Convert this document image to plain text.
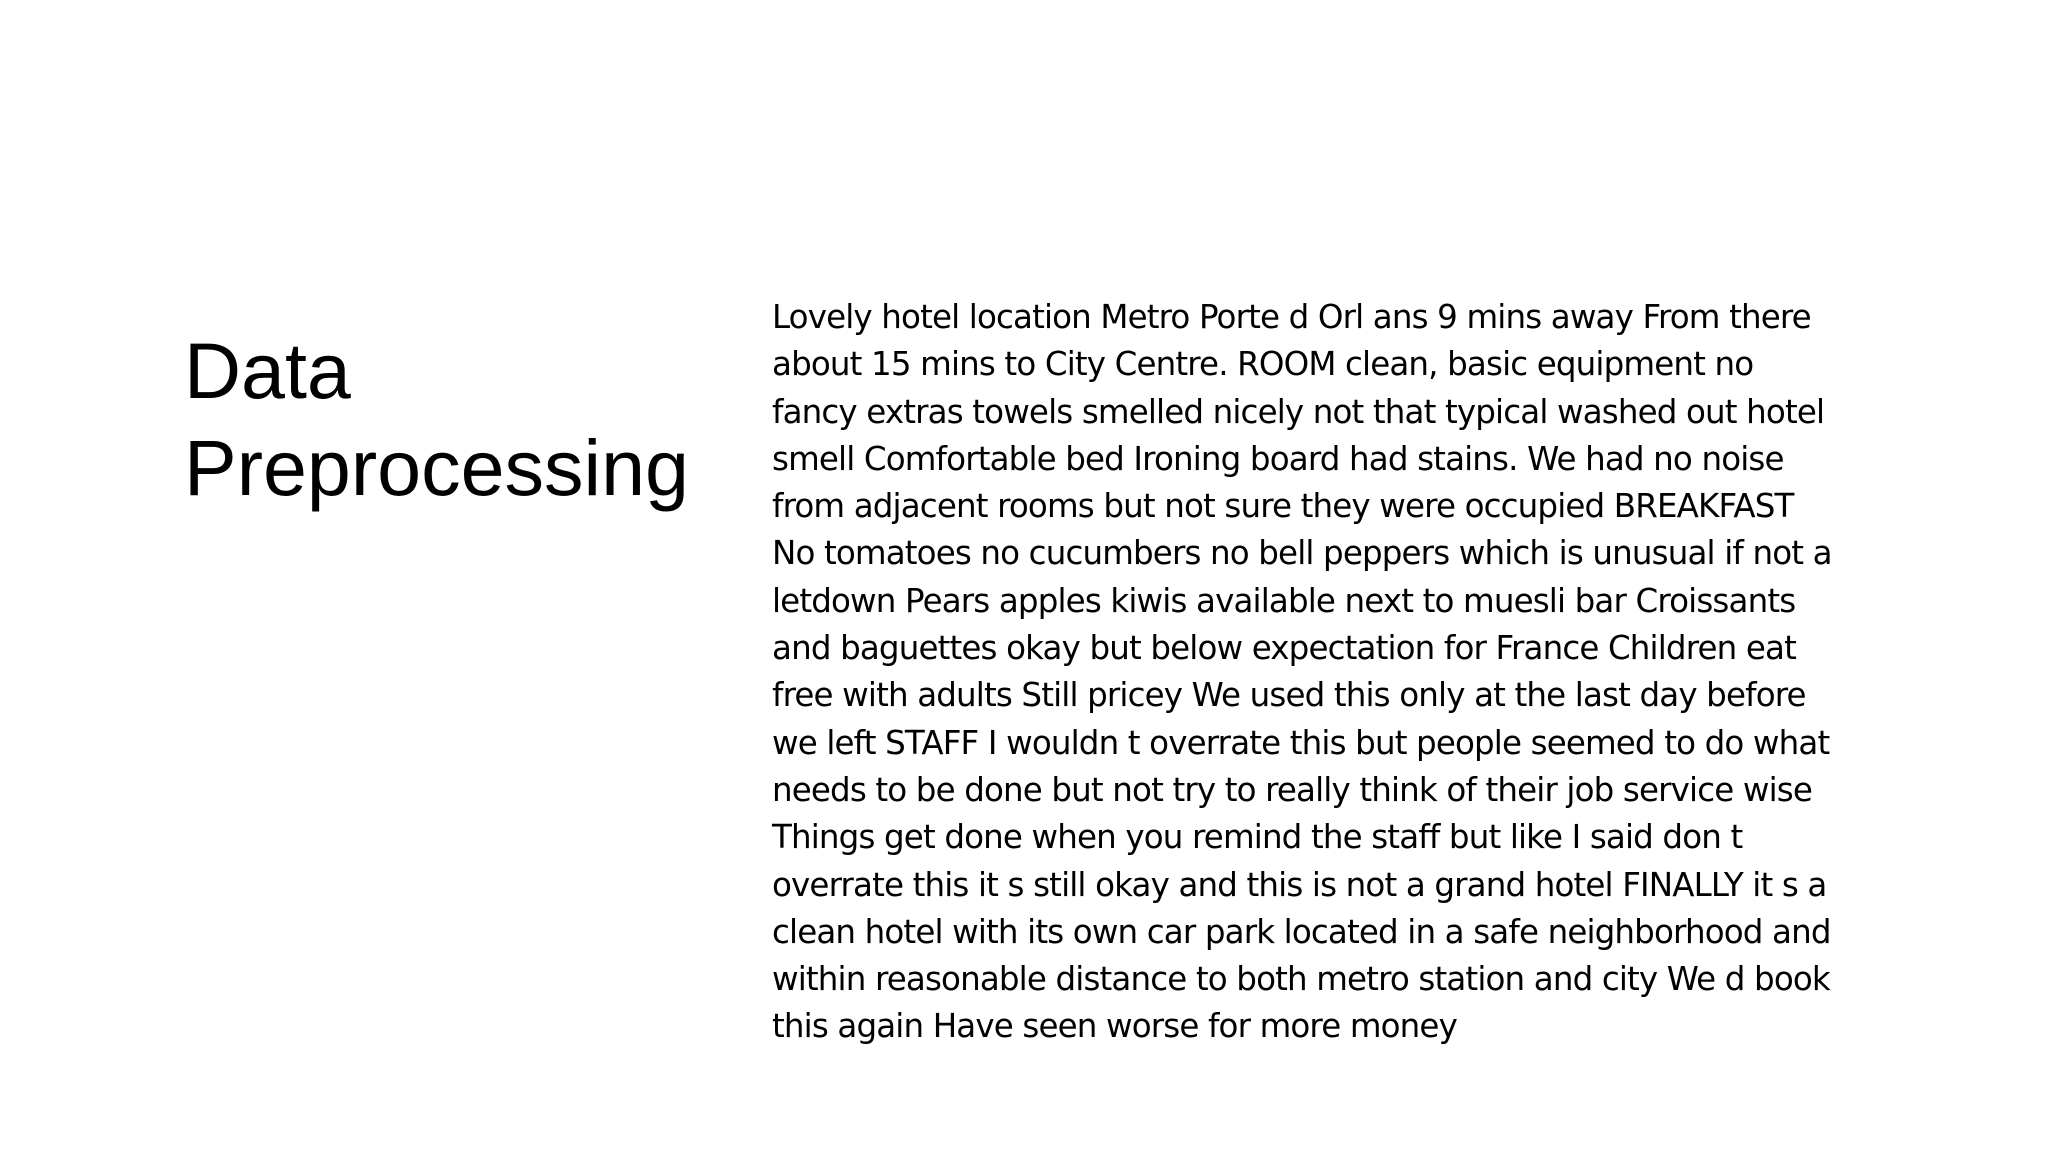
Data
Preprocessing
Lovely hotel location Metro Porte d Orl ans 9 mins away From there
about 15 mins to City Centre. ROOM clean, basic equipment no
fancy extras towels smelled nicely not that typical washed out hotel
smell Comfortable bed Ironing board had stains. We had no noise
from adjacent rooms but not sure they were occupied BREAKFAST
No tomatoes no cucumbers no bell peppers which is unusual if not a
letdown Pears apples kiwis available next to muesli bar Croissants
and baguettes okay but below expectation for France Children eat
free with adults Still pricey We used this only at the last day before
we left STAFF I wouldn t overrate this but people seemed to do what
needs to be done but not try to really think of their job service wise
Things get done when you remind the staff but like I said don t
overrate this it s still okay and this is not a grand hotel FINALLY it s a
clean hotel with its own car park located in a safe neighborhood and
within reasonable distance to both metro station and city We d book
this again Have seen worse for more money
